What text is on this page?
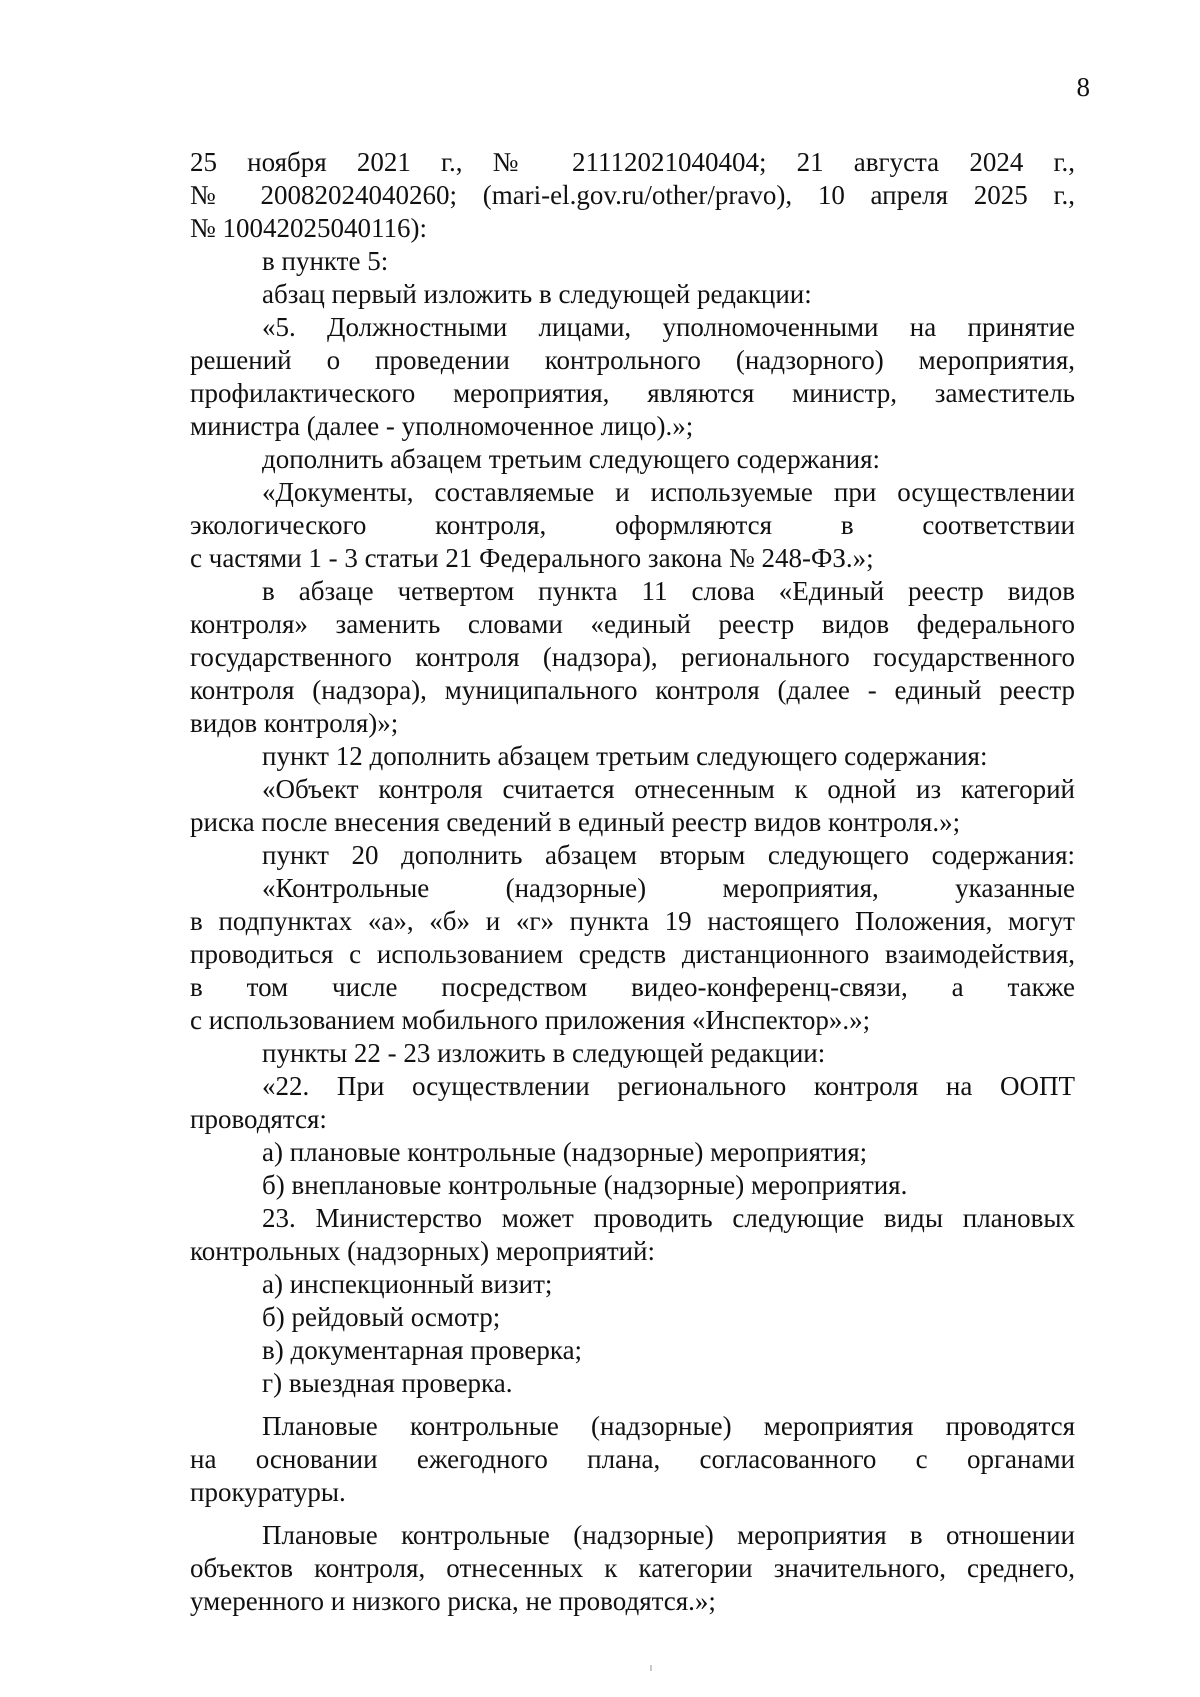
8
25 ноября 2021 г., № 21112021040404; 21 августа 2024 г.,
№ 20082024040260; (mari-el.gov.ru/other/pravo), 10 апреля 2025 г.,
№ 10042025040116):
в пункте 5:
абзац первый изложить в следующей редакции:
«5. Должностными лицами, уполномоченными на принятие
решений о проведении контрольного (надзорного) мероприятия,
профилактического мероприятия, являются министр, заместитель
министра (далее - уполномоченное лицо).»;
дополнить абзацем третьим следующего содержания:
«Документы, составляемые и используемые при осуществлении
экологического контроля, оформляются в соответствии
с частями 1 - 3 статьи 21 Федерального закона № 248-ФЗ.»;
в абзаце четвертом пункта 11 слова «Единый реестр видов
контроля» заменить словами «единый реестр видов федерального
государственного контроля (надзора), регионального государственного
контроля (надзора), муниципального контроля (далее - единый реестр
видов контроля)»;
пункт 12 дополнить абзацем третьим следующего содержания:
«Объект контроля считается отнесенным к одной из категорий
риска после внесения сведений в единый реестр видов контроля.»;
пункт 20 дополнить абзацем вторым следующего содержания:
«Контрольные (надзорные) мероприятия, указанные
в подпунктах «а», «б» и «г» пункта 19 настоящего Положения, могут
проводиться с использованием средств дистанционного взаимодействия,
в том числе посредством видео-конференц-связи, а также
с использованием мобильного приложения «Инспектор».»;
пункты 22 - 23 изложить в следующей редакции:
«22. При осуществлении регионального контроля на ООПТ
проводятся:
а) плановые контрольные (надзорные) мероприятия;
б) внеплановые контрольные (надзорные) мероприятия.
23. Министерство может проводить следующие виды плановых
контрольных (надзорных) мероприятий:
а) инспекционный визит;
б) рейдовый осмотр;
в) документарная проверка;
г) выездная проверка.
Плановые контрольные (надзорные) мероприятия проводятся
на основании ежегодного плана, согласованного с органами
прокуратуры.
Плановые контрольные (надзорные) мероприятия в отношении
объектов контроля, отнесенных к категории значительного, среднего,
умеренного и низкого риска, не проводятся.»;
